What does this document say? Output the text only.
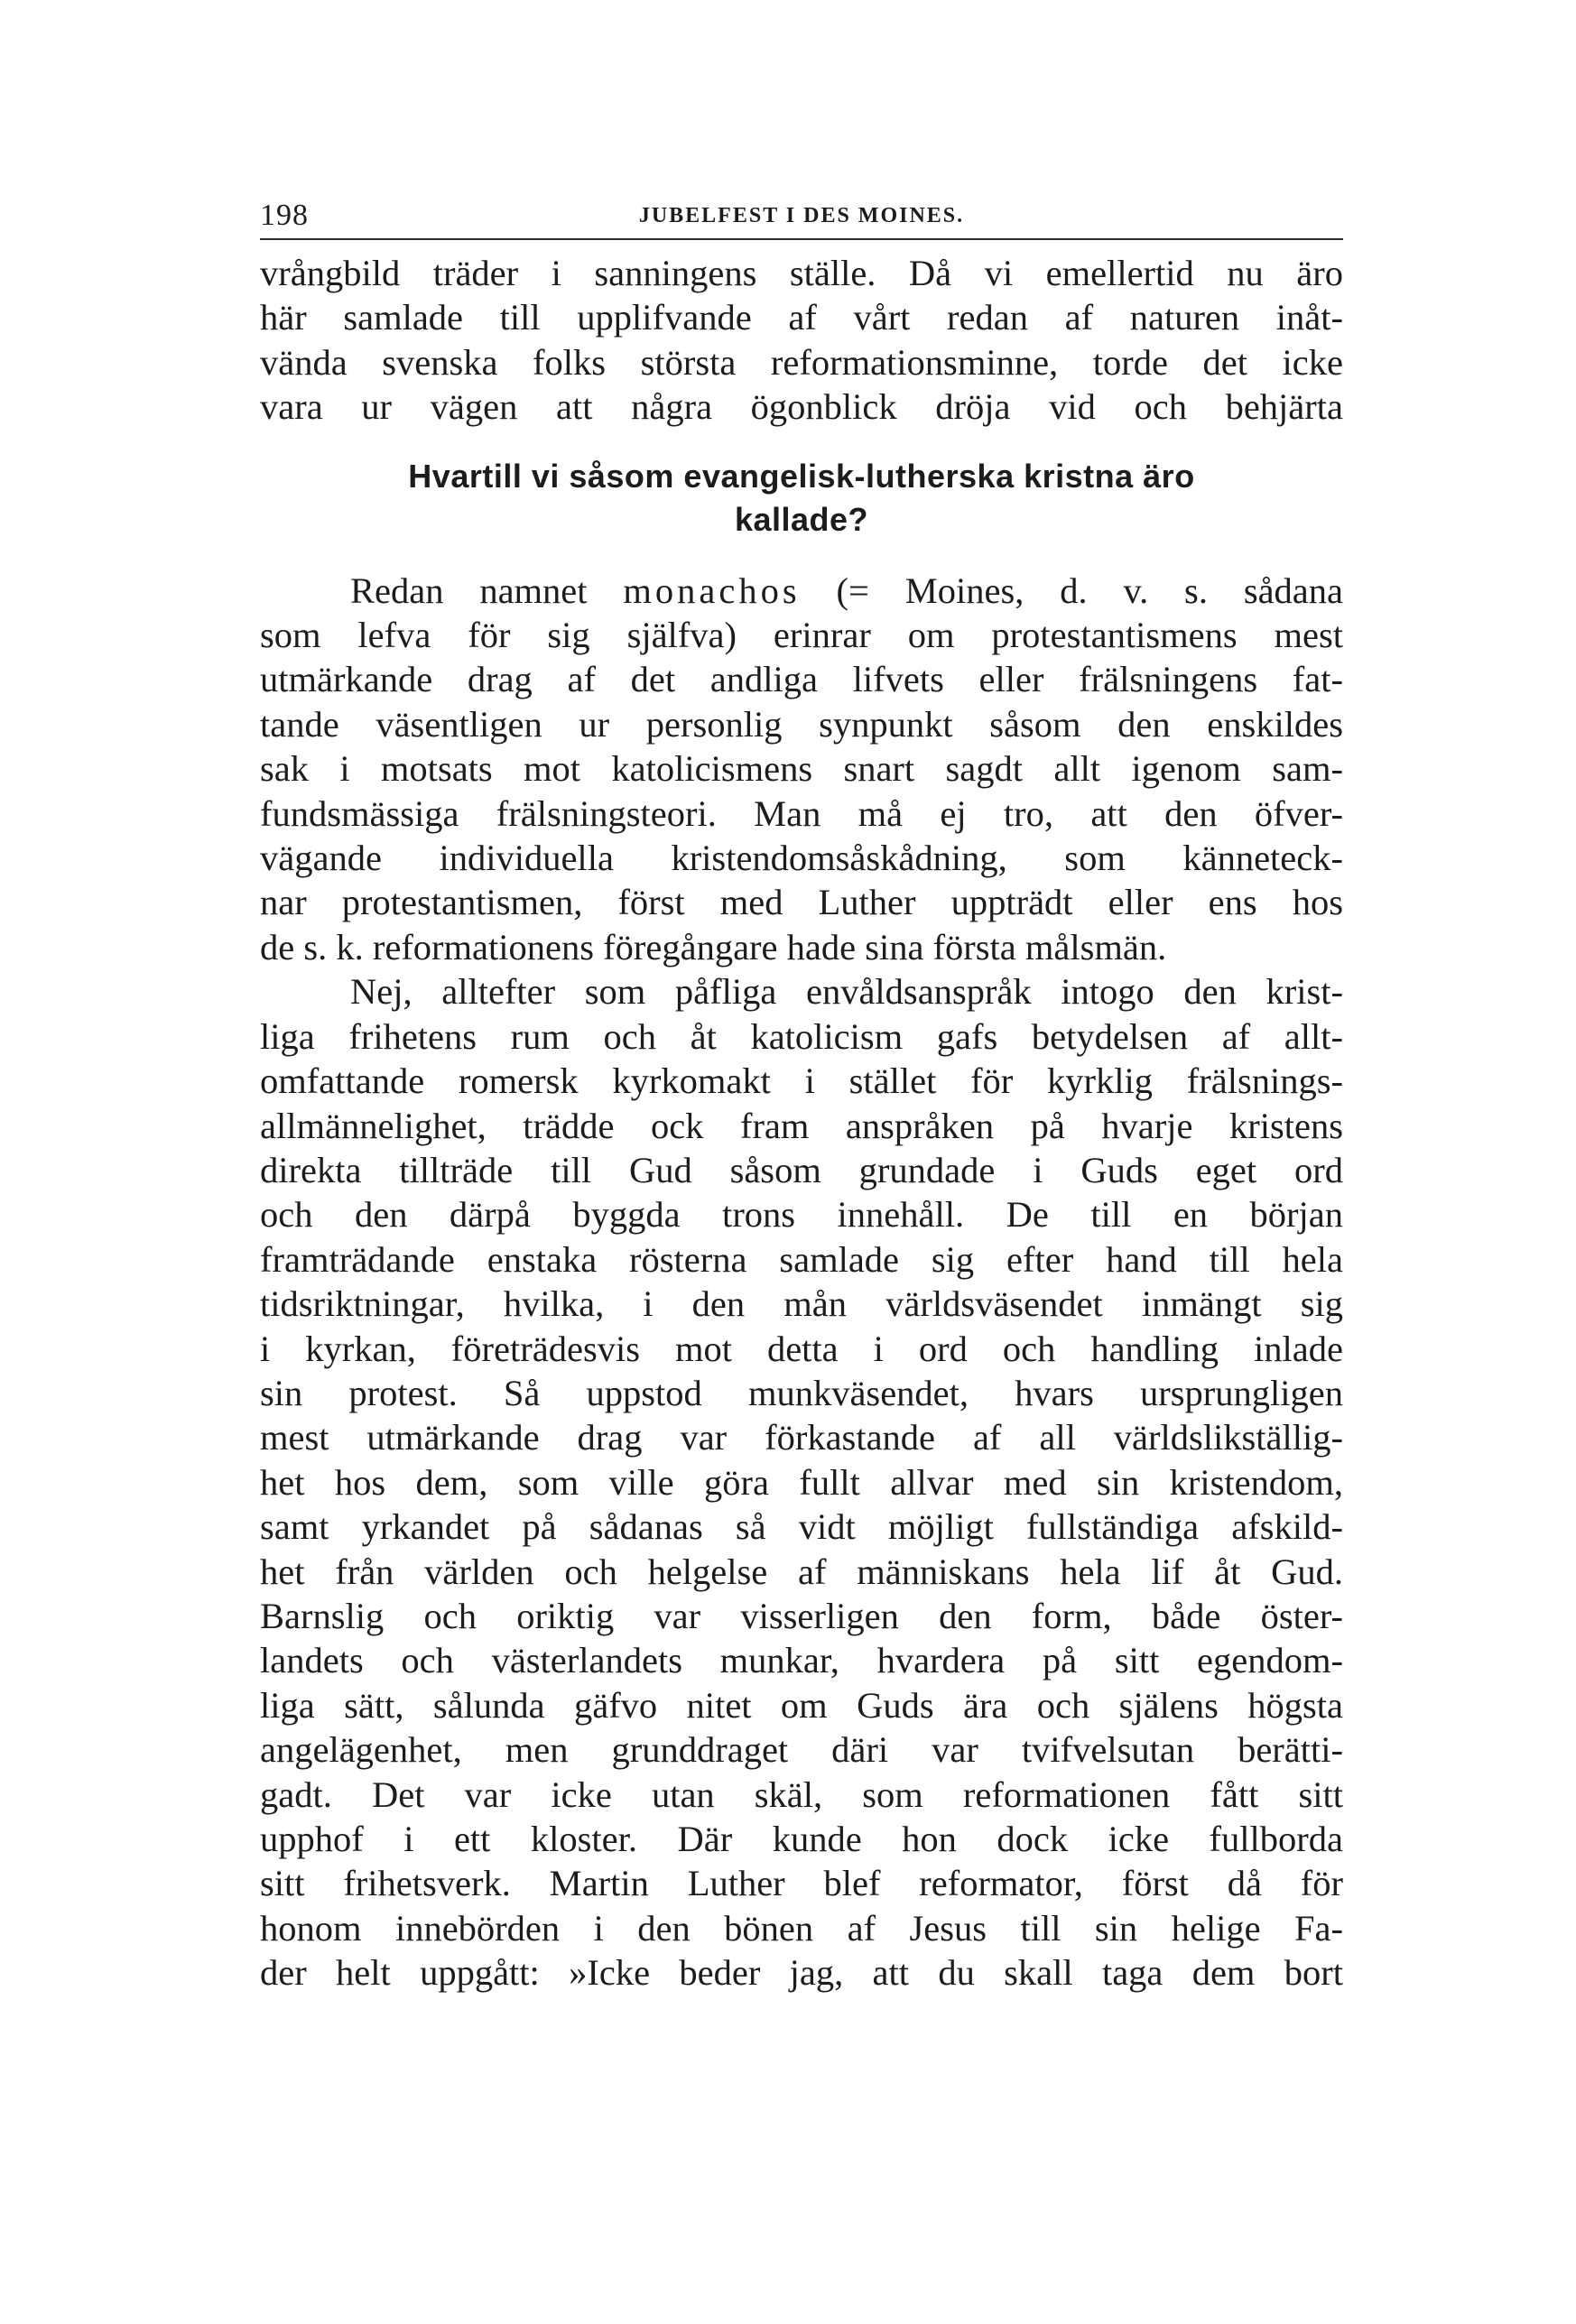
198	JUBELFEST I DES MOINES.
vrångbild träder i sanningens ställe. Då vi emellertid nu äro
här samlade till upplifvande af vårt redan af naturen inåt-
vända svenska folks största reformationsminne, torde det icke
vara ur vägen att några ögonblick dröja vid och behjärta
Hvartill vi såsom evangelisk-lutherska kristna äro
kallade?
Redan namnet monachos (= Moines, d. v. s. sådana
som lefva för sig själfva) erinrar om protestantismens mest
utmärkande drag af det andliga lifvets eller frälsningens fat-
tande väsentligen ur personlig synpunkt såsom den enskildes
sak i motsats mot katolicismens snart sagdt allt igenom sam-
fundsmässiga frälsningsteori. Man må ej tro, att den öfver-
vägande individuella kristendomsåskådning, som känneteck-
nar protestantismen, först med Luther uppträdt eller ens hos
de s. k. reformationens föregångare hade sina första målsmän.
Nej, alltefter som påfliga envåldsanspråk intogo den krist-
liga frihetens rum och åt katolicism gafs betydelsen af allt-
omfattande romersk kyrkomakt i stället för kyrklig frälsnings-
allmännelighet, trädde ock fram anspråken på hvarje kristens
direkta tillträde till Gud såsom grundade i Guds eget ord
och den därpå byggda trons innehåll. De till en början
framträdande enstaka rösterna samlade sig efter hand till hela
tidsriktningar, hvilka, i den mån världsväsendet inmängt sig
i kyrkan, företrädesvis mot detta i ord och handling inlade
sin protest. Så uppstod munkväsendet, hvars ursprungligen
mest utmärkande drag var förkastande af all världslikställig-
het hos dem, som ville göra fullt allvar med sin kristendom,
samt yrkandet på sådanas så vidt möjligt fullständiga afskild-
het från världen och helgelse af människans hela lif åt Gud.
Barnslig och oriktig var visserligen den form, både öster-
landets och västerlandets munkar, hvardera på sitt egendom-
liga sätt, sålunda gäfvo nitet om Guds ära och själens högsta
angelägenhet, men grunddraget däri var tvifvelsutan berätti-
gadt. Det var icke utan skäl, som reformationen fått sitt
upphof i ett kloster. Där kunde hon dock icke fullborda
sitt frihetsverk. Martin Luther blef reformator, först då för
honom innebörden i den bönen af Jesus till sin helige Fa-
der helt uppgått: »Icke beder jag, att du skall taga dem bort
